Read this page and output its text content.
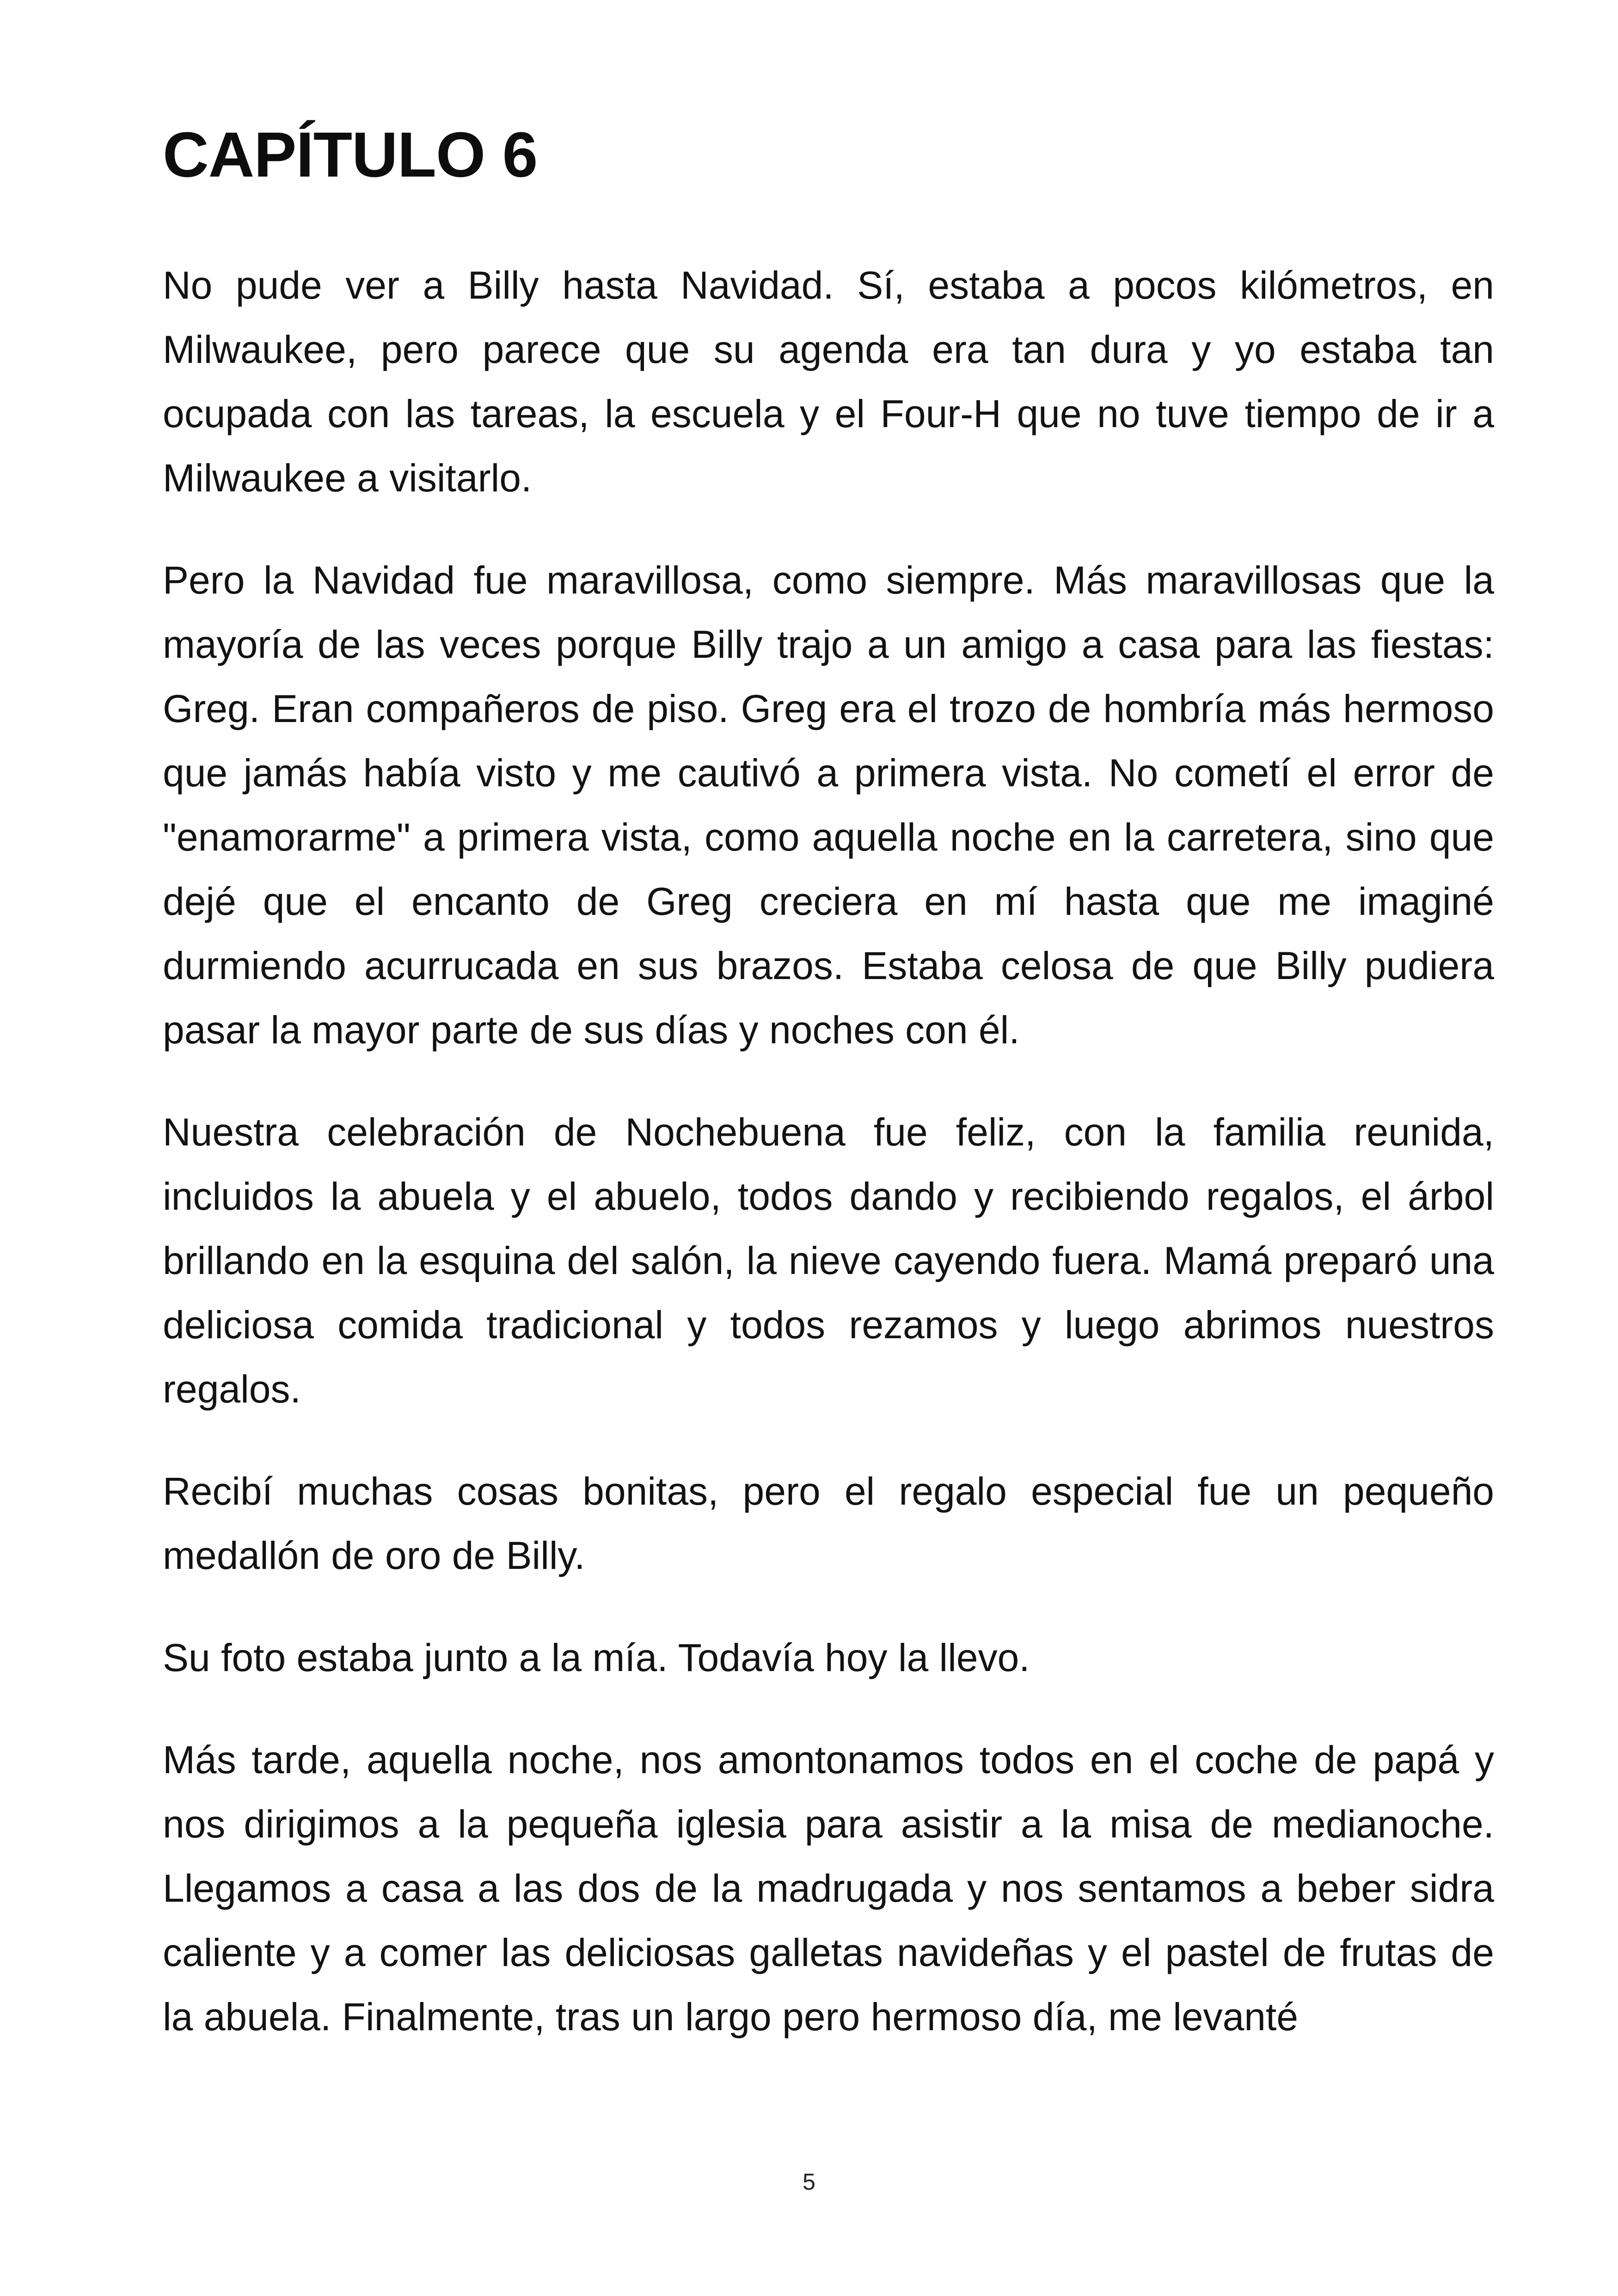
CAPÍTULO 6

No pude ver a Billy hasta Navidad. Sí, estaba a pocos kilómetros, en Milwaukee, pero parece que su agenda era tan dura y yo estaba tan ocupada con las tareas, la escuela y el Four-H que no tuve tiempo de ir a Milwaukee a visitarlo.

Pero la Navidad fue maravillosa, como siempre. Más maravillosas que la mayoría de las veces porque Billy trajo a un amigo a casa para las fiestas: Greg. Eran compañeros de piso. Greg era el trozo de hombría más hermoso que jamás había visto y me cautivó a primera vista. No cometí el error de "enamorarme" a primera vista, como aquella noche en la carretera, sino que dejé que el encanto de Greg creciera en mí hasta que me imaginé durmiendo acurrucada en sus brazos. Estaba celosa de que Billy pudiera pasar la mayor parte de sus días y noches con él.

Nuestra celebración de Nochebuena fue feliz, con la familia reunida, incluidos la abuela y el abuelo, todos dando y recibiendo regalos, el árbol brillando en la esquina del salón, la nieve cayendo fuera. Mamá preparó una deliciosa comida tradicional y todos rezamos y luego abrimos nuestros regalos.

Recibí muchas cosas bonitas, pero el regalo especial fue un pequeño medallón de oro de Billy.

Su foto estaba junto a la mía. Todavía hoy la llevo.

Más tarde, aquella noche, nos amontonamos todos en el coche de papá y nos dirigimos a la pequeña iglesia para asistir a la misa de medianoche. Llegamos a casa a las dos de la madrugada y nos sentamos a beber sidra caliente y a comer las deliciosas galletas navideñas y el pastel de frutas de la abuela. Finalmente, tras un largo pero hermoso día, me levanté

5
